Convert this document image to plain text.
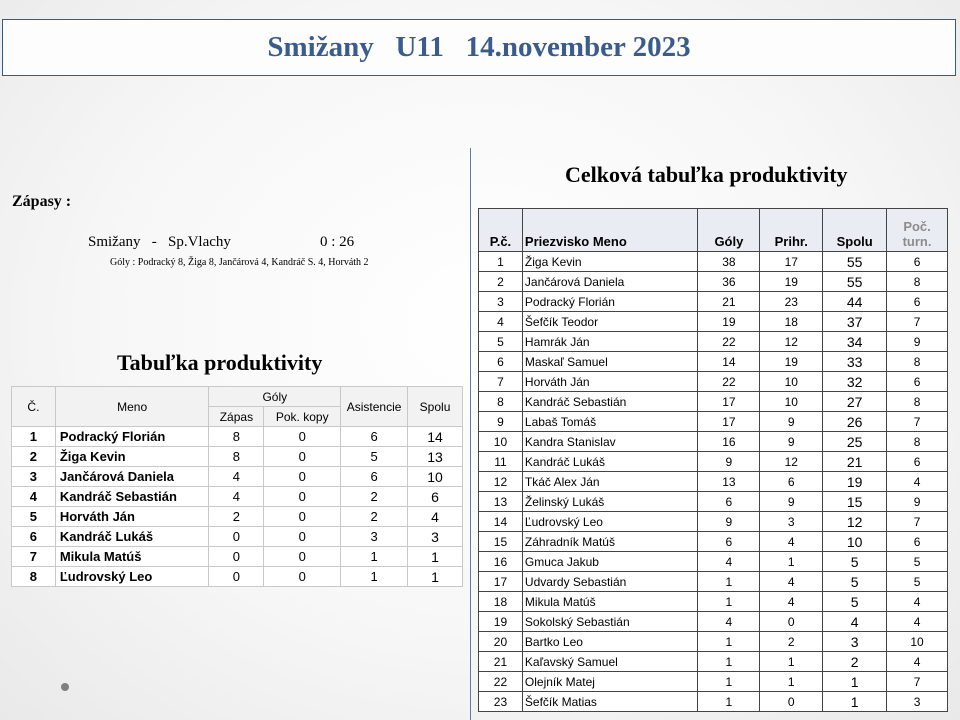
Smižany   U11   14.november 2023
Zápasy :
Smižany   -   Sp.Vlachy	0 : 26
Góly : Podracký 8, Žiga 8, Jančárová 4, Kandráč S. 4, Horváth 2
Tabuľka produktivity
Č.	Meno	Góly		Asistencie	Spolu
		Zápas	Pok. kopy		
1	Podracký Florián	8	0	6	14
2	Žiga Kevin	8	0	5	13
3	Jančárová Daniela	4	0	6	10
4	Kandráč Sebastián	4	0	2	6
5	Horváth Ján	2	0	2	4
6	Kandráč Lukáš	0	0	3	3
7	Mikula Matúš	0	0	1	1
8	Ľudrovský Leo	0	0	1	1
Celková tabuľka produktivity
P.č.	Priezvisko Meno	Góly	Prihr.	Spolu	Poč. turn.
1	Žiga Kevin	38	17	55	6
2	Jančárová Daniela	36	19	55	8
3	Podracký Florián	21	23	44	6
4	Šefčík Teodor	19	18	37	7
5	Hamrák Ján	22	12	34	9
6	Maskaľ Samuel	14	19	33	8
7	Horváth Ján	22	10	32	6
8	Kandráč Sebastián	17	10	27	8
9	Labaš Tomáš	17	9	26	7
10	Kandra Stanislav	16	9	25	8
11	Kandráč Lukáš	9	12	21	6
12	Tkáč Alex Ján	13	6	19	4
13	Želinský Lukáš	6	9	15	9
14	Ľudrovský Leo	9	3	12	7
15	Záhradník Matúš	6	4	10	6
16	Gmuca Jakub	4	1	5	5
17	Udvardy Sebastián	1	4	5	5
18	Mikula Matúš	1	4	5	4
19	Sokolský Sebastián	4	0	4	4
20	Bartko Leo	1	2	3	10
21	Kaľavský Samuel	1	1	2	4
22	Olejník Matej	1	1	1	7
23	Šefčík Matias	1	0	1	3
